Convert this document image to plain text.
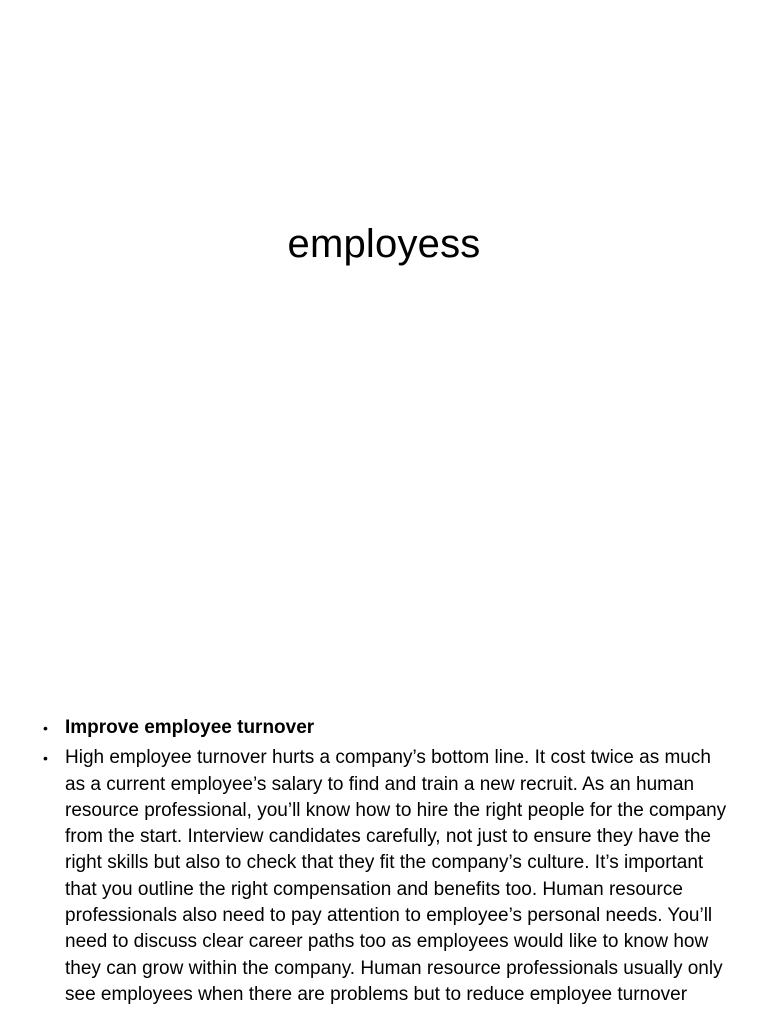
employess
• Improve employee turnover
• High employee turnover hurts a company’s bottom line. It cost twice as much as a current employee’s salary to find and train a new recruit. As an human resource professional, you’ll know how to hire the right people for the company from the start. Interview candidates carefully, not just to ensure they have the right skills but also to check that they fit the company’s culture. It’s important that you outline the right compensation and benefits too. Human resource professionals also need to pay attention to employee’s personal needs. You’ll need to discuss clear career paths too as employees would like to know how they can grow within the company. Human resource professionals usually only see employees when there are problems but to reduce employee turnover
